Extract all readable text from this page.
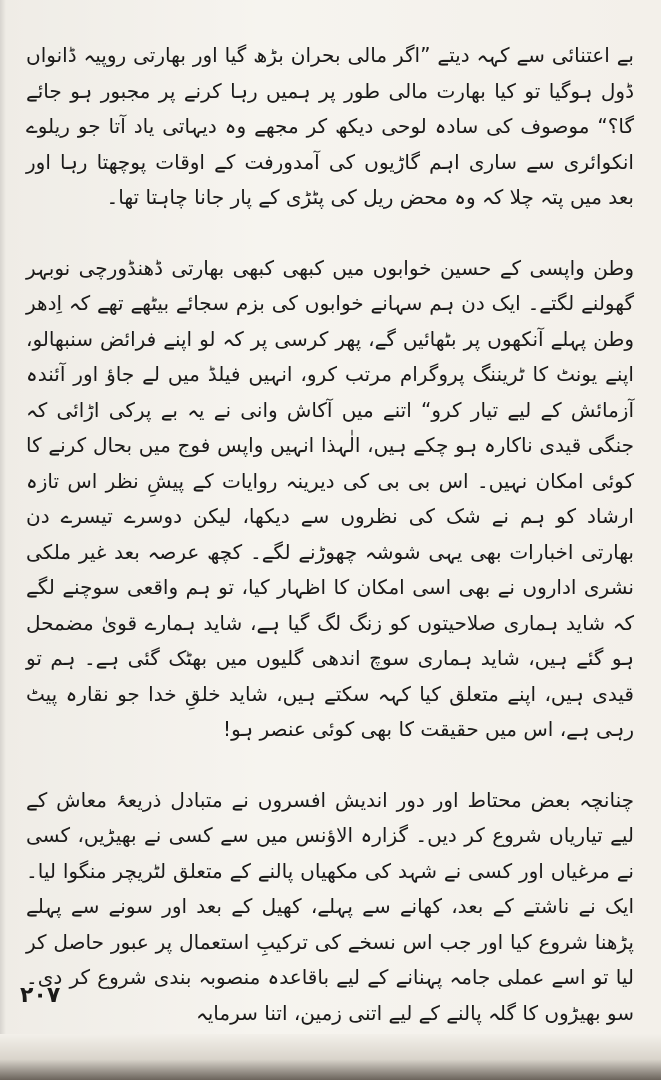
بے اعتنائی سے کہہ دیتے ”اگر مالی بحران بڑھ گیا اور بھارتی روپیہ ڈانواں ڈول ہوگیا تو کیا بھارت مالی طور پر ہمیں رہا کرنے پر مجبور ہو جائے گا؟“ موصوف کی سادہ لوحی دیکھ کر مجھے وہ دیہاتی یاد آتا جو ریلوے انکوائری سے ساری اہم گاڑیوں کی آمدورفت کے اوقات پوچھتا رہا اور بعد میں پتہ چلا کہ وہ محض ریل کی پٹڑی کے پار جانا چاہتا تھا۔

وطن واپسی کے حسین خوابوں میں کبھی کبھی بھارتی ڈھنڈورچی نوبہر گھولنے لگتے۔ ایک دن ہم سہانے خوابوں کی بزم سجائے بیٹھے تھے کہ اِدھر وطن پہلے آنکھوں پر بٹھائیں گے، پھر کرسی پر کہ لو اپنے فرائض سنبھالو، اپنے یونٹ کا ٹریننگ پروگرام مرتب کرو، انہیں فیلڈ میں لے جاؤ اور آئندہ آزمائش کے لیے تیار کرو“ اتنے میں آکاش وانی نے یہ بے پرکی اڑائی کہ جنگی قیدی ناکارہ ہو چکے ہیں، الٰہذا انہیں واپس فوج میں بحال کرنے کا کوئی امکان نہیں۔ اس بی بی کی دیرینہ روایات کے پیشِ نظر اس تازہ ارشاد کو ہم نے شک کی نظروں سے دیکھا، لیکن دوسرے تیسرے دن بھارتی اخبارات بھی یہی شوشہ چھوڑنے لگے۔ کچھ عرصہ بعد غیر ملکی نشری اداروں نے بھی اسی امکان کا اظہار کیا، تو ہم واقعی سوچنے لگے کہ شاید ہماری صلاحیتوں کو زنگ لگ گیا ہے، شاید ہمارے قویٰ مضمحل ہو گئے ہیں، شاید ہماری سوچ اندھی گلیوں میں بھٹک گئی ہے۔ ہم تو قیدی ہیں، اپنے متعلق کیا کہہ سکتے ہیں، شاید خلقِ خدا جو نقارہ پیٹ رہی ہے، اس میں حقیقت کا بھی کوئی عنصر ہو!

چنانچہ بعض محتاط اور دور اندیش افسروں نے متبادل ذریعۂ معاش کے لیے تیاریاں شروع کر دیں۔ گزارہ الاؤنس میں سے کسی نے بھیڑیں، کسی نے مرغیاں اور کسی نے شہد کی مکھیاں پالنے کے متعلق لٹریچر منگوا لیا۔ ایک نے ناشتے کے بعد، کھانے سے پہلے، کھیل کے بعد اور سونے سے پہلے پڑھنا شروع کیا اور جب اس نسخے کی ترکیبِ استعمال پر عبور حاصل کر لیا تو اسے عملی جامہ پہنانے کے لیے باقاعدہ منصوبہ بندی شروع کر دی۔ سو بھیڑوں کا گلہ پالنے کے لیے اتنی زمین، اتنا سرمایہ

۲۰۷
